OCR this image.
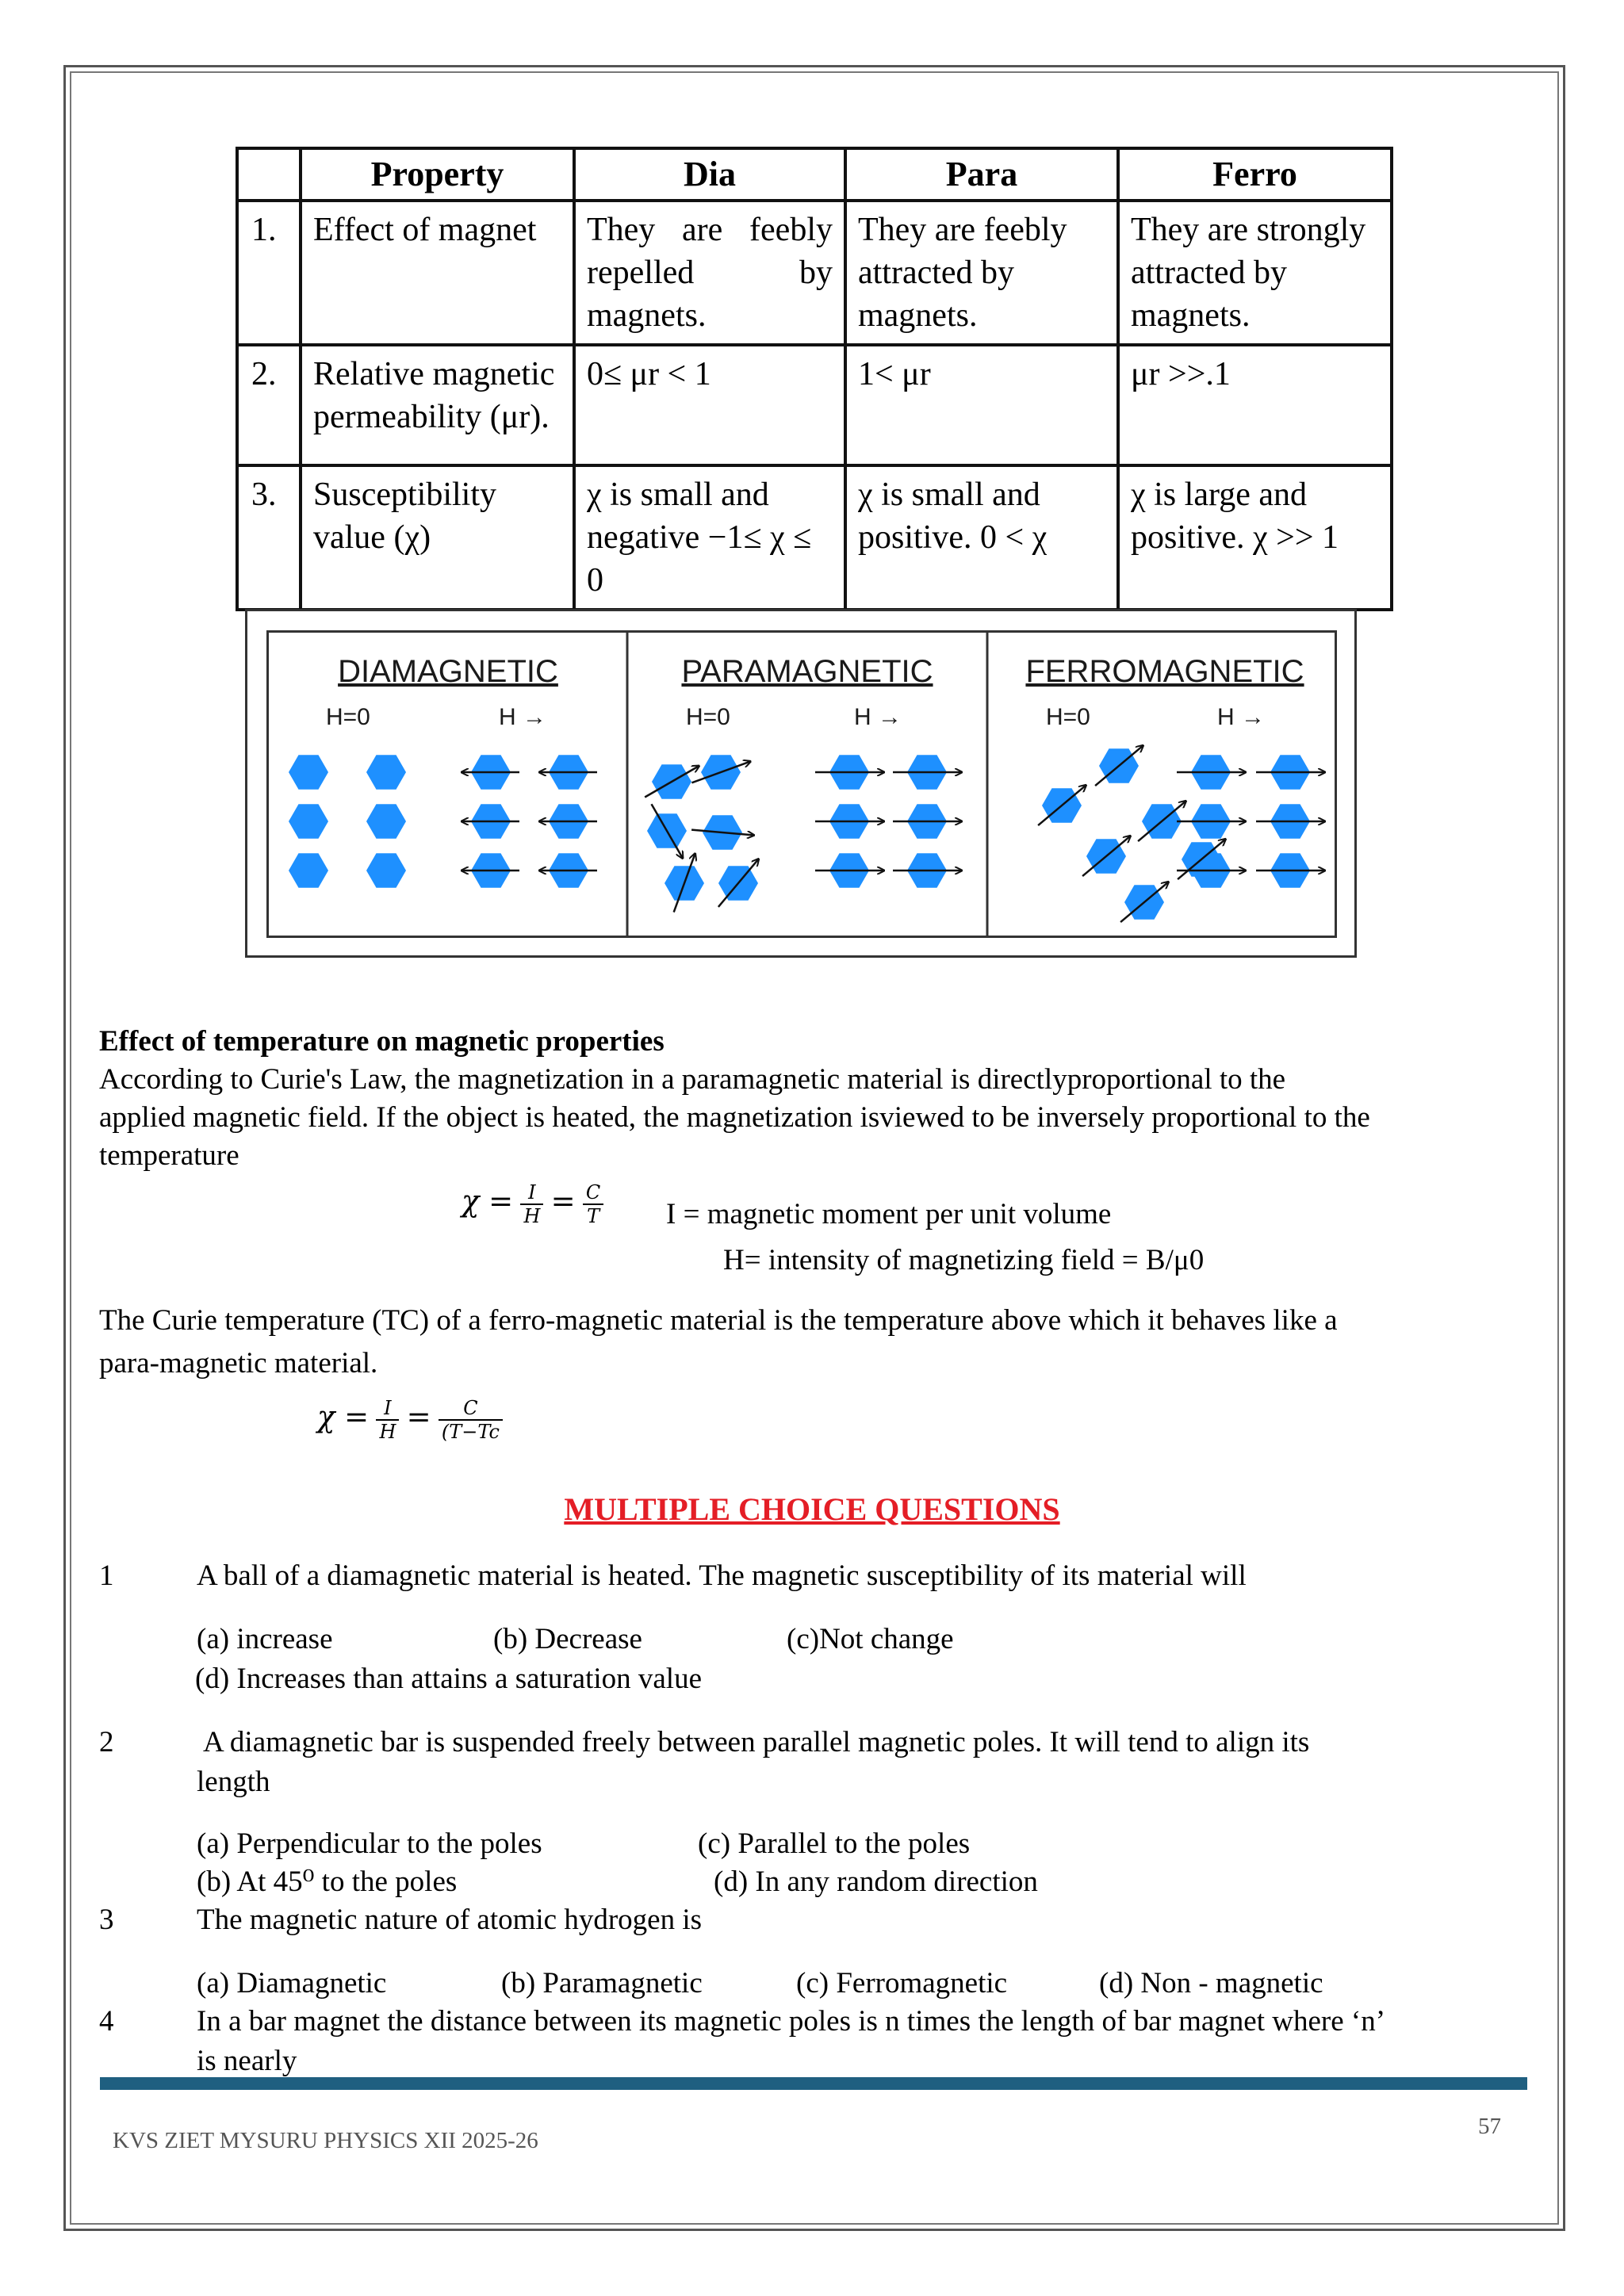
	Property	Dia	Para	Ferro
1.	Effect of magnet	They are feebly repelled by magnets.	They are feebly attracted by magnets.	They are strongly attracted by magnets.
2.	Relative magnetic permeability (μr).	0≤ μr < 1	1< μr	μr >>.1
3.	Susceptibility value (χ)	χ is small and negative −1≤ χ ≤ 0	χ is small and positive. 0 < χ	χ is large and positive. χ >> 1
DIAMAGNETIC	PARAMAGNETIC	FERROMAGNETIC
H=0	H →	H=0	H →	H=0	H →
Effect of temperature on magnetic properties
According to Curie's Law, the magnetization in a paramagnetic material is directlyproportional to the
applied magnetic field. If the object is heated, the magnetization isviewed to be inversely proportional to the
temperature
$\chi = \frac{I}{H} = \frac{C}{T}$ I = magnetic moment per unit volume
H= intensity of magnetizing field = B/μ0
The Curie temperature (TC) of a ferro-magnetic material is the temperature above which it behaves like a
para-magnetic material.
$\chi = \frac{I}{H} = \frac{C}{(T-Tc}$
MULTIPLE CHOICE QUESTIONS
1	A ball of a diamagnetic material is heated. The magnetic susceptibility of its material will
(a) increase	(b) Decrease	(c)Not change
(d) Increases than attains a saturation value
2	A diamagnetic bar is suspended freely between parallel magnetic poles. It will tend to align its
length
(a) Perpendicular to the poles	(c) Parallel to the poles
(b) At 45⁰ to the poles	(d) In any random direction
3	The magnetic nature of atomic hydrogen is
(a) Diamagnetic	(b) Paramagnetic	(c) Ferromagnetic	(d) Non - magnetic
4	In a bar magnet the distance between its magnetic poles is n times the length of bar magnet where ‘n’
is nearly
KVS ZIET MYSURU PHYSICS XII 2025-26
57
